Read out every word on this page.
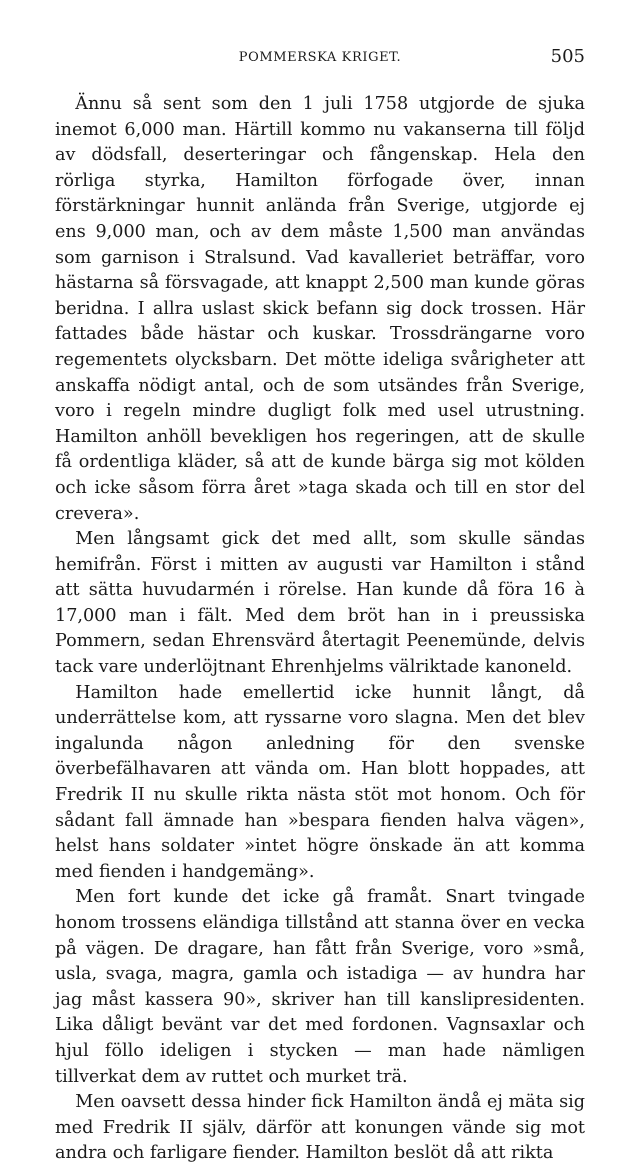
POMMERSKA KRIGET.	505

Ännu så sent som den 1 juli 1758 utgjorde de sjuka inemot 6,000 man. Härtill kommo nu vakanserna till följd av dödsfall, deserteringar och fångenskap. Hela den rörliga styrka, Hamilton förfogade över, innan förstärkningar hunnit anlända från Sverige, utgjorde ej ens 9,000 man, och av dem måste 1,500 man användas som garnison i Stralsund. Vad kavalleriet beträffar, voro hästarna så försvagade, att knappt 2,500 man kunde göras beridna. I allra uslast skick befann sig dock trossen. Här fattades både hästar och kuskar. Trossdrängarne voro regementets olycksbarn. Det mötte ideliga svårigheter att anskaffa nödigt antal, och de som utsändes från Sverige, voro i regeln mindre dugligt folk med usel utrustning. Hamilton anhöll bevekligen hos regeringen, att de skulle få ordentliga kläder, så att de kunde bärga sig mot kölden och icke såsom förra året »taga skada och till en stor del crevera».

Men långsamt gick det med allt, som skulle sändas hemifrån. Först i mitten av augusti var Hamilton i stånd att sätta huvudarmén i rörelse. Han kunde då föra 16 à 17,000 man i fält. Med dem bröt han in i preussiska Pommern, sedan Ehrensvärd återtagit Peenemünde, delvis tack vare underlöjtnant Ehrenhjelms välriktade kanoneld.

Hamilton hade emellertid icke hunnit långt, då underrättelse kom, att ryssarne voro slagna. Men det blev ingalunda någon anledning för den svenske överbefälhavaren att vända om. Han blott hoppades, att Fredrik II nu skulle rikta nästa stöt mot honom. Och för sådant fall ämnade han »bespara fienden halva vägen», helst hans soldater »intet högre önskade än att komma med fienden i handgemäng».

Men fort kunde det icke gå framåt. Snart tvingade honom trossens eländiga tillstånd att stanna över en vecka på vägen. De dragare, han fått från Sverige, voro »små, usla, svaga, magra, gamla och istadiga — av hundra har jag måst kassera 90», skriver han till kanslipresidenten. Lika dåligt bevänt var det med fordonen. Vagnsaxlar och hjul föllo ideligen i stycken — man hade nämligen tillverkat dem av ruttet och murket trä.

Men oavsett dessa hinder fick Hamilton ändå ej mäta sig med Fredrik II själv, därför att konungen vände sig mot andra och farligare fiender. Hamilton beslöt då att rikta
